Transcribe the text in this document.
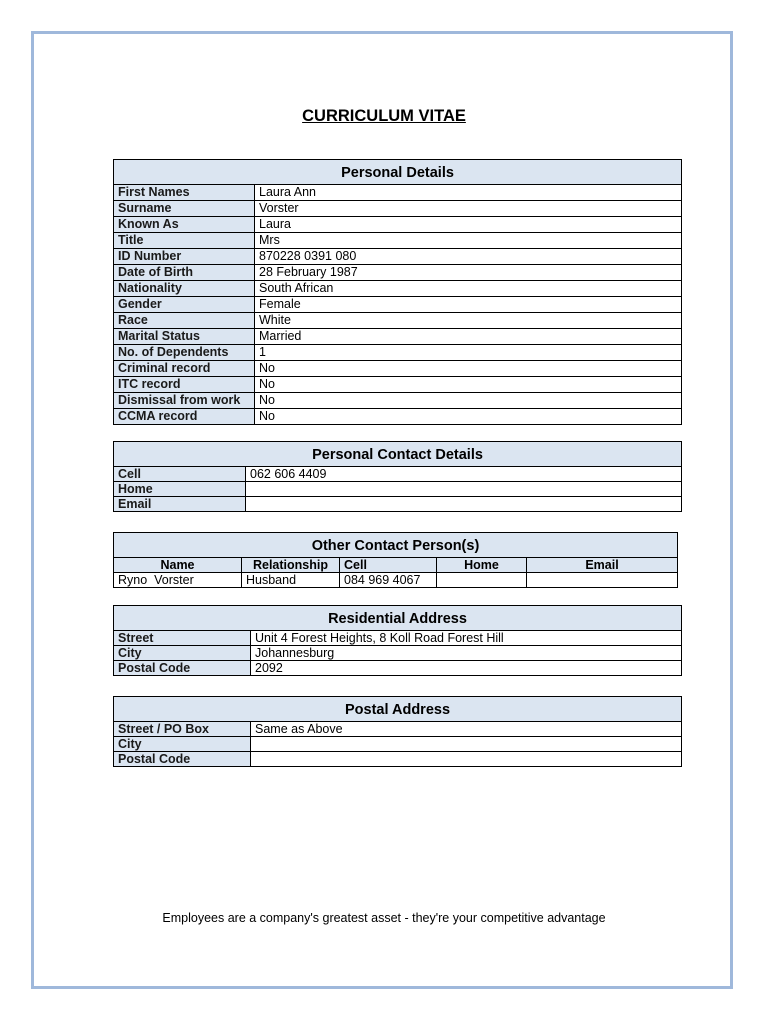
CURRICULUM VITAE
Personal Details	
First Names	Laura Ann
Surname	Vorster
Known As	Laura
Title	Mrs
ID Number	870228 0391 080
Date of Birth	28 February 1987
Nationality	South African
Gender	Female
Race	White
Marital Status	Married
No. of Dependents	1
Criminal record	No
ITC record	No
Dismissal from work	No
CCMA record	No
Personal Contact Details	
Cell	062 606 4409
Home	
Email	
Other Contact Person(s)				
Name	Relationship	Cell	Home	Email
Ryno  Vorster	Husband	084 969 4067		
Residential Address	
Street	Unit 4 Forest Heights, 8 Koll Road Forest Hill
City	Johannesburg
Postal Code	2092
Postal Address	
Street / PO Box	Same as Above
City	
Postal Code	
Employees are a company's greatest asset - they're your competitive advantage
